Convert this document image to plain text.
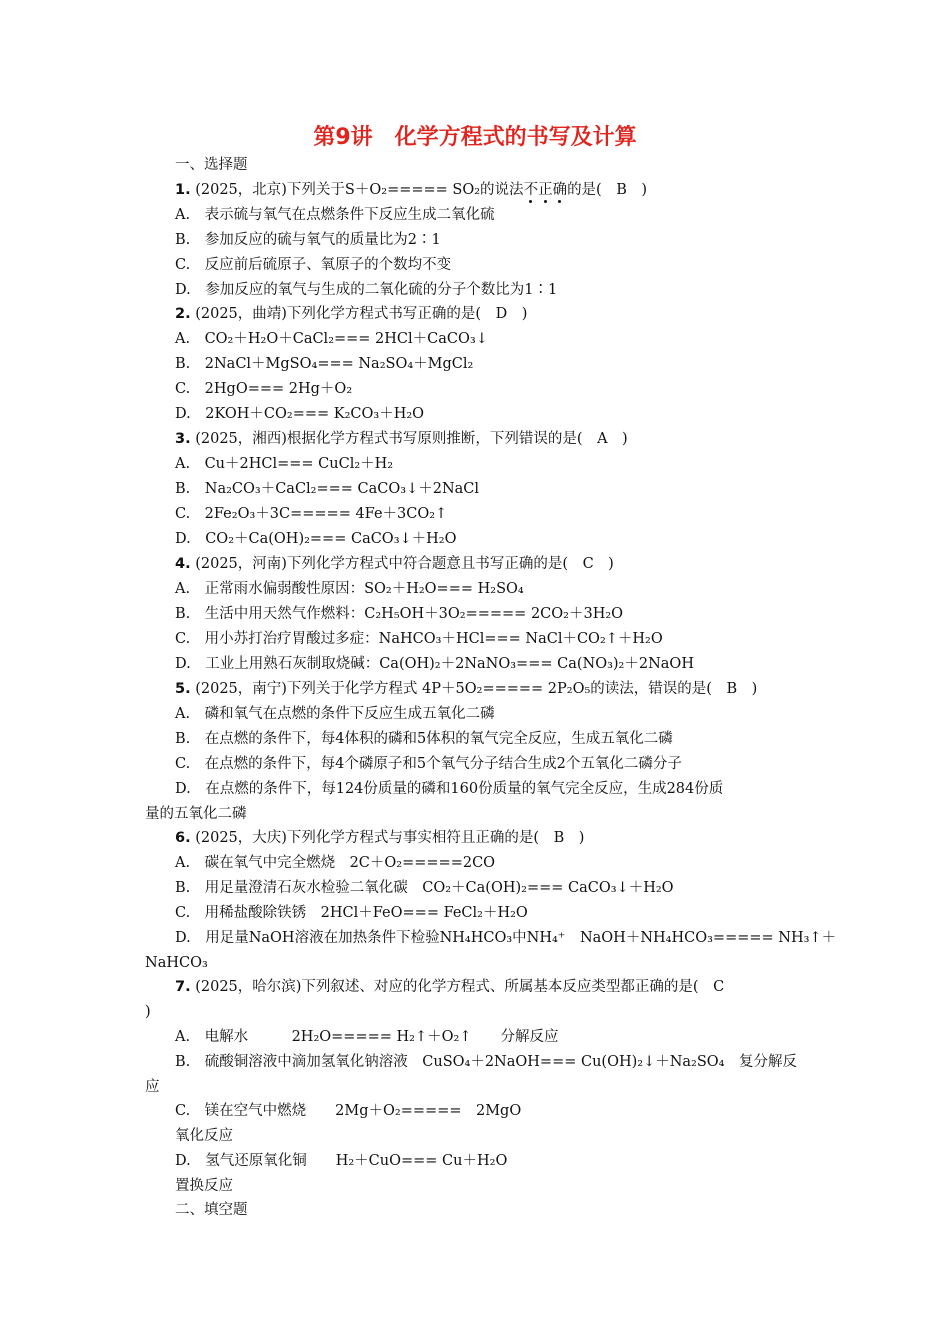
第9讲　化学方程式的书写及计算
一、选择题
1. (2025，北京)下列关于S＋O₂===== SO₂的说法不正确的是(　B　)
A.　表示硫与氧气在点燃条件下反应生成二氧化硫
B.　参加反应的硫与氧气的质量比为2∶1
C.　反应前后硫原子、氧原子的个数均不变
D.　参加反应的氧气与生成的二氧化硫的分子个数比为1∶1
2. (2025，曲靖)下列化学方程式书写正确的是(　D　)
A.　CO₂＋H₂O＋CaCl₂=== 2HCl＋CaCO₃↓
B.　2NaCl＋MgSO₄=== Na₂SO₄＋MgCl₂
C.　2HgO=== 2Hg＋O₂
D.　2KOH＋CO₂=== K₂CO₃＋H₂O
3. (2025，湘西)根据化学方程式书写原则推断，下列错误的是(　A　)
A.　Cu＋2HCl=== CuCl₂＋H₂
B.　Na₂CO₃＋CaCl₂=== CaCO₃↓＋2NaCl
C.　2Fe₂O₃＋3C===== 4Fe＋3CO₂↑
D.　CO₂＋Ca(OH)₂=== CaCO₃↓＋H₂O
4. (2025，河南)下列化学方程式中符合题意且书写正确的是(　C　)
A.　正常雨水偏弱酸性原因：SO₂＋H₂O=== H₂SO₄
B.　生活中用天然气作燃料：C₂H₅OH＋3O₂===== 2CO₂＋3H₂O
C.　用小苏打治疗胃酸过多症：NaHCO₃＋HCl=== NaCl＋CO₂↑＋H₂O
D.　工业上用熟石灰制取烧碱：Ca(OH)₂＋2NaNO₃=== Ca(NO₃)₂＋2NaOH
5. (2025，南宁)下列关于化学方程式 4P＋5O₂===== 2P₂O₅的读法，错误的是(　B　)
A.　磷和氧气在点燃的条件下反应生成五氧化二磷
B.　在点燃的条件下，每4体积的磷和5体积的氧气完全反应，生成五氧化二磷
C.　在点燃的条件下，每4个磷原子和5个氧气分子结合生成2个五氧化二磷分子
D.　在点燃的条件下，每124份质量的磷和160份质量的氧气完全反应，生成284份质
量的五氧化二磷
6. (2025，大庆)下列化学方程式与事实相符且正确的是(　B　)
A.　碳在氧气中完全燃烧　2C＋O₂=====2CO
B.　用足量澄清石灰水检验二氧化碳　CO₂＋Ca(OH)₂=== CaCO₃↓＋H₂O
C.　用稀盐酸除铁锈　2HCl＋FeO=== FeCl₂＋H₂O
D.　用足量NaOH溶液在加热条件下检验NH₄HCO₃中NH₄⁺　NaOH＋NH₄HCO₃===== NH₃↑＋
NaHCO₃
7. (2025，哈尔滨)下列叙述、对应的化学方程式、所属基本反应类型都正确的是(　C
)
A.　电解水　　　2H₂O===== H₂↑＋O₂↑　　分解反应
B.　硫酸铜溶液中滴加氢氧化钠溶液　CuSO₄＋2NaOH=== Cu(OH)₂↓＋Na₂SO₄　复分解反
应
C.　镁在空气中燃烧　　2Mg＋O₂=====　2MgO
氧化反应
D.　氢气还原氧化铜　　H₂＋CuO=== Cu＋H₂O
置换反应
二、填空题
